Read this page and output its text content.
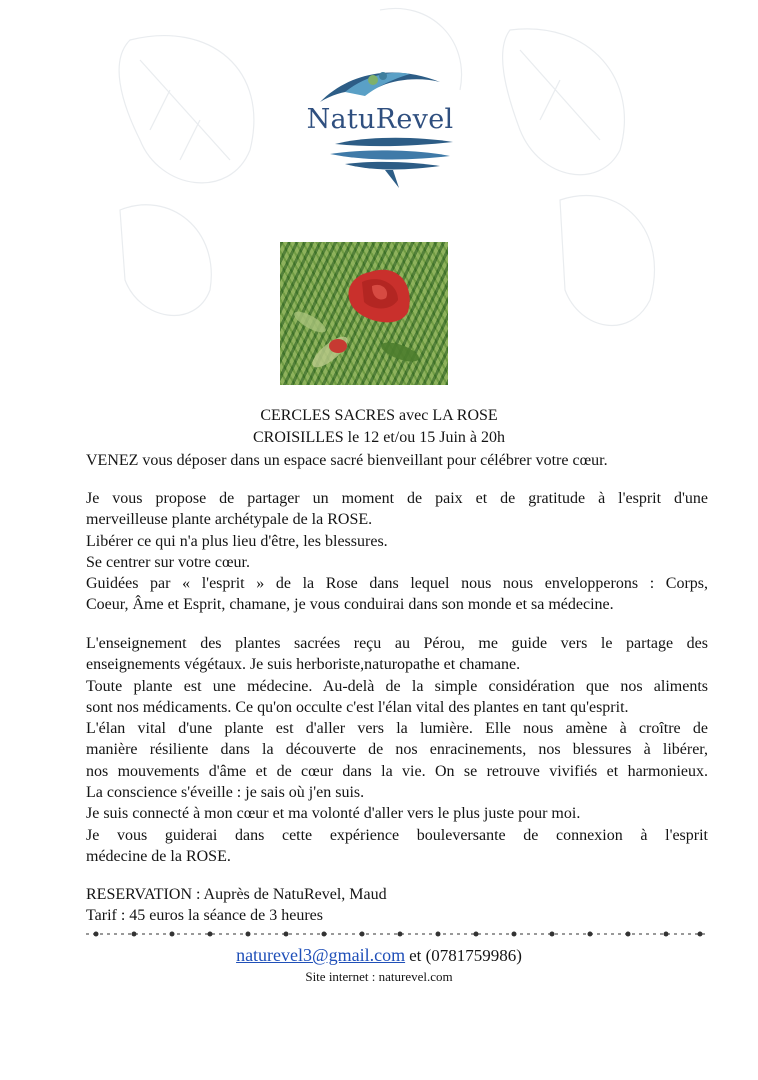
NatuRevel
CERCLES SACRES avec LA ROSE
CROISILLES le 12 et/ou 15 Juin à 20h
VENEZ vous déposer dans un espace sacré bienveillant pour célébrer votre cœur.
Je vous propose de partager un moment de paix et de gratitude à l'esprit d'une
merveilleuse plante archétypale de la ROSE.
Libérer ce qui n'a plus lieu d'être, les blessures.
Se centrer sur votre cœur.
Guidées par « l'esprit » de la Rose dans lequel nous nous envelopperons : Corps,
Coeur, Âme et Esprit, chamane, je vous conduirai dans son monde et sa médecine.
L'enseignement des plantes sacrées reçu au Pérou, me guide vers le partage des
enseignements végétaux. Je suis herboriste,naturopathe et chamane.
Toute plante est une médecine. Au-delà de la simple considération que nos aliments
sont nos médicaments. Ce qu'on occulte c'est l'élan vital des plantes en tant qu'esprit.
L'élan vital d'une plante est d'aller vers la lumière. Elle nous amène à croître de
manière résiliente dans la découverte de nos enracinements, nos blessures à libérer,
nos mouvements d'âme et de cœur dans la vie. On se retrouve vivifiés et harmonieux.
La conscience s'éveille : je sais où j'en suis.
Je suis connecté à mon cœur et ma volonté d'aller vers le plus juste pour moi.
Je vous guiderai dans cette expérience bouleversante de connexion à l'esprit
médecine de la ROSE.
RESERVATION : Auprès de NatuRevel, Maud
Tarif : 45 euros la séance de 3 heures
naturevel3@gmail.com et (0781759986)
Site internet : naturevel.com
